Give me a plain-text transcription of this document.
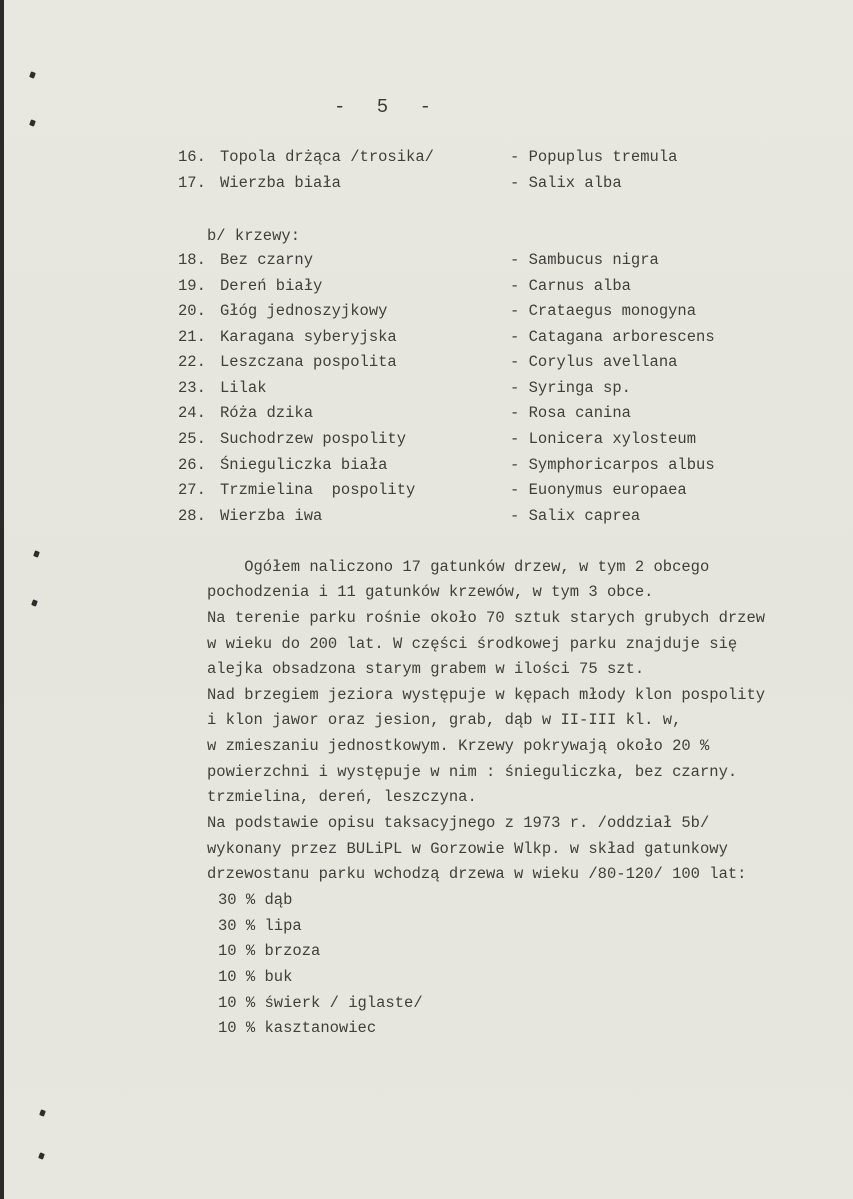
- 5 -
16. Topola drżąca /trosika/	- Popuplus tremula
17. Wierzba biała	- Salix alba
18. Bez czarny	- Sambucus nigra
19. Dereń biały	- Carnus alba
20. Głóg jednoszyjkowy	- Crataegus monogyna
21. Karagana syberyjska	- Catagana arborescens
22. Leszczana pospolita	- Corylus avellana
23. Lilak	- Syringa sp.
24. Róża dzika	- Rosa canina
25. Suchodrzew pospolity	- Lonicera xylosteum
26. Śnieguliczka biała	- Symphoricarpos albus
27. Trzmielina  pospolity	- Euonymus europaea
28. Wierzba iwa	- Salix caprea
b/ krzewy:
Ogółem naliczono 17 gatunków drzew, w tym 2 obcego
pochodzenia i 11 gatunków krzewów, w tym 3 obce.
Na terenie parku rośnie około 70 sztuk starych grubych drzew
w wieku do 200 lat. W części środkowej parku znajduje się
alejka obsadzona starym grabem w ilości 75 szt.
Nad brzegiem jeziora występuje w kępach młody klon pospolity
i klon jawor oraz jesion, grab, dąb w II-III kl. w,
w zmieszaniu jednostkowym. Krzewy pokrywają około 20 %
powierzchni i występuje w nim : śnieguliczka, bez czarny.
trzmielina, dereń, leszczyna.
Na podstawie opisu taksacyjnego z 1973 r. /oddział 5b/
wykonany przez BULiPL w Gorzowie Wlkp. w skład gatunkowy
drzewostanu parku wchodzą drzewa w wieku /80-120/ 100 lat:
30 % dąb
30 % lipa
10 % brzoza
10 % buk
10 % świerk / iglaste/
10 % kasztanowiec
